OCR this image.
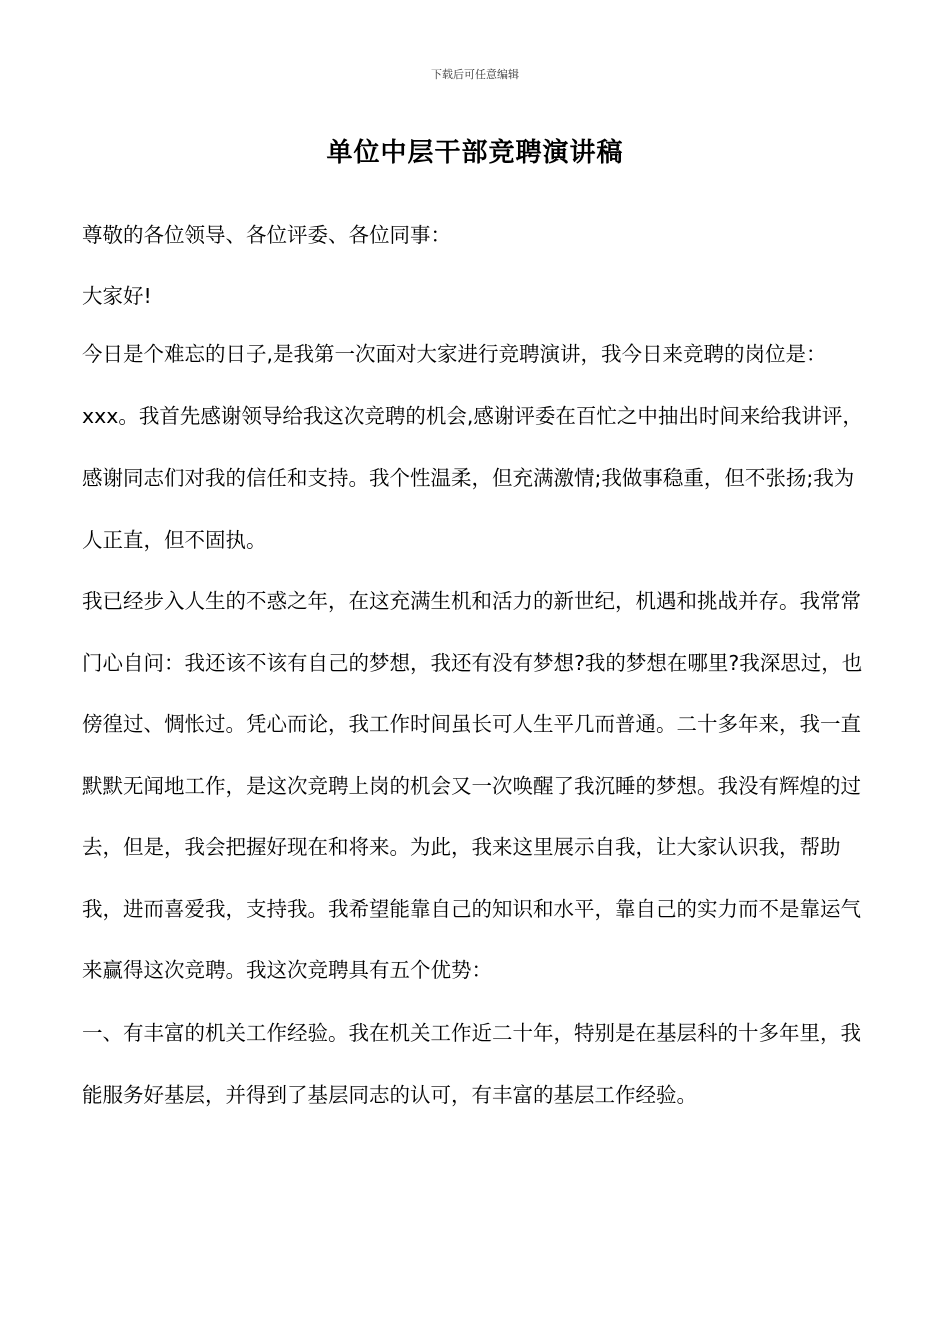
下载后可任意编辑
单位中层干部竞聘演讲稿

尊敬的各位领导、各位评委、各位同事：

大家好!

今日是个难忘的日子,是我第一次面对大家进行竞聘演讲，我今日来竞聘的岗位是：xxx。我首先感谢领导给我这次竞聘的机会,感谢评委在百忙之中抽出时间来给我讲评，感谢同志们对我的信任和支持。我个性温柔，但充满激情;我做事稳重，但不张扬;我为人正直，但不固执。

我已经步入人生的不惑之年，在这充满生机和活力的新世纪，机遇和挑战并存。我常常门心自问：我还该不该有自己的梦想，我还有没有梦想?我的梦想在哪里?我深思过，也傍徨过、惆怅过。凭心而论，我工作时间虽长可人生平几而普通。二十多年来，我一直默默无闻地工作，是这次竞聘上岗的机会又一次唤醒了我沉睡的梦想。我没有辉煌的过去，但是，我会把握好现在和将来。为此，我来这里展示自我，让大家认识我，帮助我，进而喜爱我，支持我。我希望能靠自己的知识和水平，靠自己的实力而不是靠运气来赢得这次竞聘。我这次竞聘具有五个优势：

一、有丰富的机关工作经验。我在机关工作近二十年，特别是在基层科的十多年里，我能服务好基层，并得到了基层同志的认可，有丰富的基层工作经验。
